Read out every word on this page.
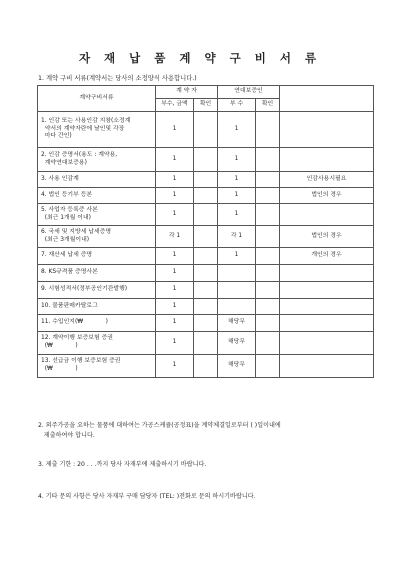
자 재 납 품 계 약 구 비 서 류
1. 계약 구비 서류(계약서는 당사의 소정양식 사용합니다.)
계약구비서류	계 약 자		연대보증인		
	부수, 금액	확인	부 수	확인	
1. 인감 또는 사용인감 지참(소정계
약서의 계약자란에 날인및 각장
마다 간인)	1		1		
2. 인감 증명서(용도 : 계약용,
계약연대보증용)	1		1		
3. 사용 인감계	1		1		인감사용시필요
4. 법인 등기부 등본	1		1		법인의 경우
5. 사업자 등록증 사본
(최근 1개월 이내)	1		1		
6. 국세 및 지방세 납세증명
(최근 3개월이내)	각 1		각 1		법인의 경우
7. 재산세 납세 증명	1		1		개인의 경우
8. KS규격품 증명사본	1				
9. 시험성적서(정부공인기관발행)	1				
10. 물품판매카탈로그	1				
11. 수입인지(₩            )	1		해당무		
12. 계약이행 보증보험 증권
(₩            )	1		해당무		
13. 선급금 이행 보증보험 증권
(₩            )	1		해당무		
2. 외주가공을 요하는 물품에 대하여는 가공스케쥴(공정표)을 계약체결일로부터 ( )일이내에
제출하여야 합니다.
3. 제출 기한 : 20 . . .까지 당사 자재부에 제출하시기 바랍니다.
4. 기타 문의 사항은 당사 자재부 구매 담당자 (TEL: )전화로 문의 하시기바랍니다.
